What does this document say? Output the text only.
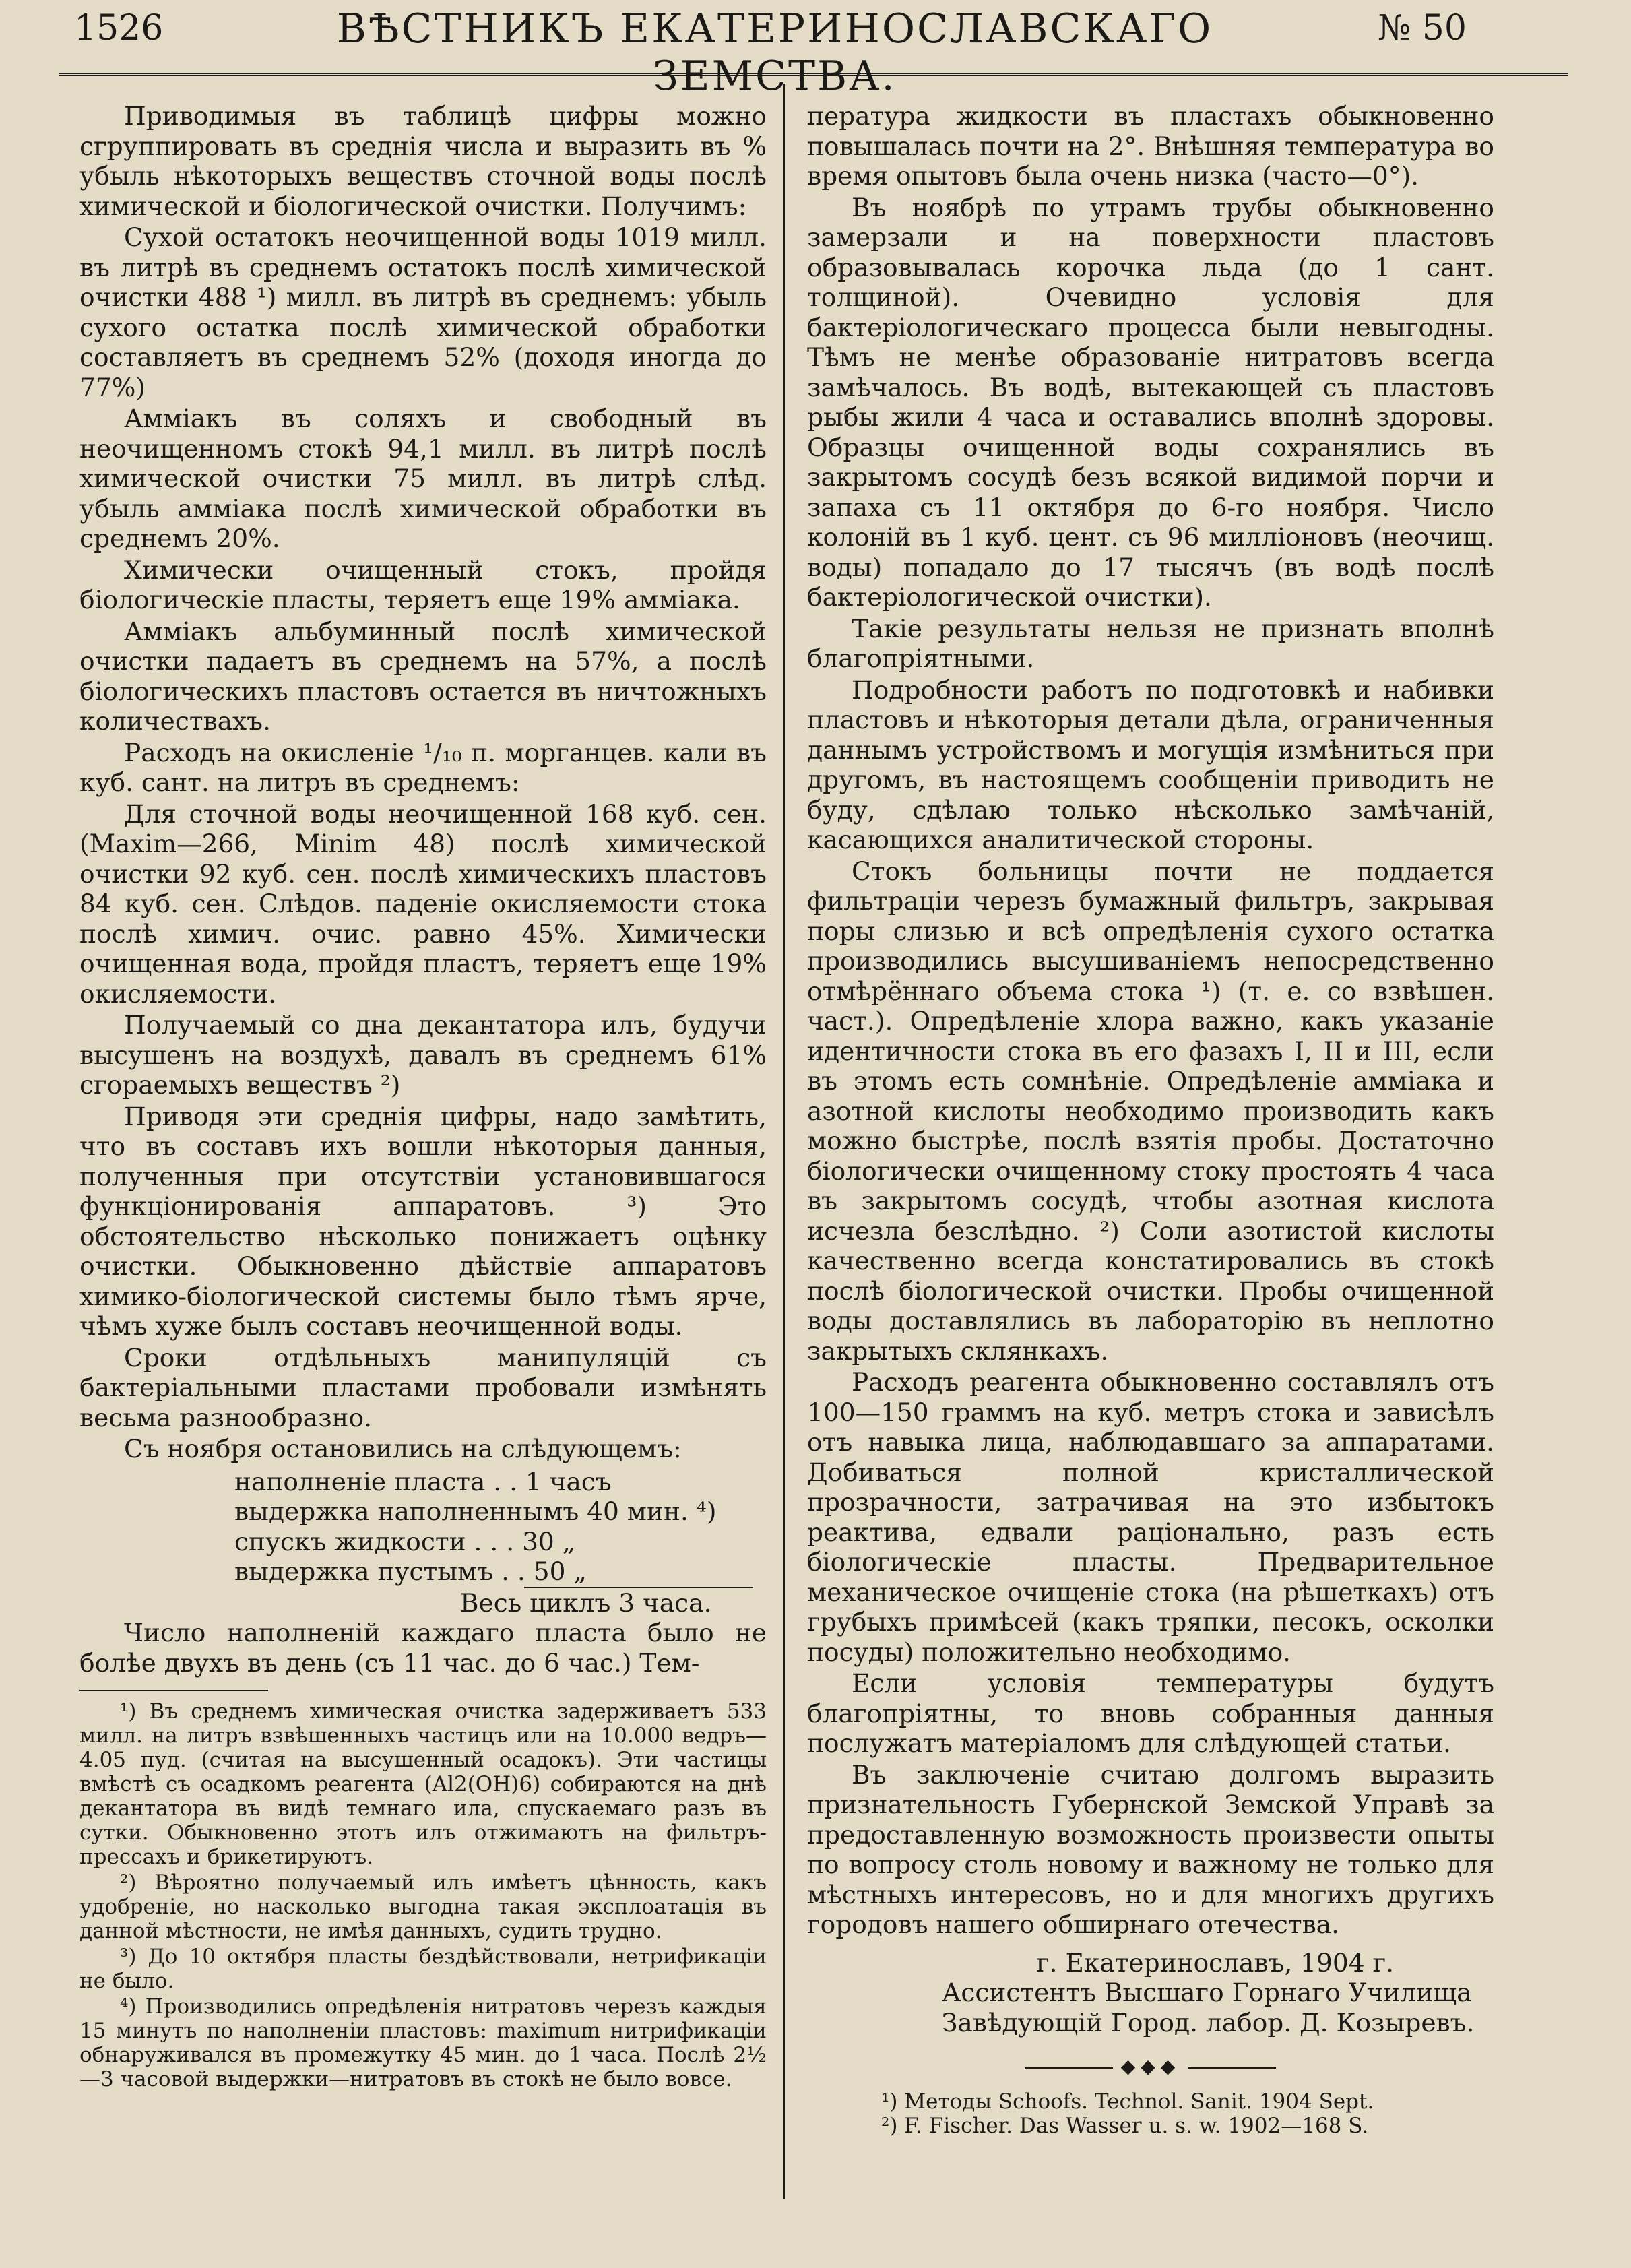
1526	ВѢСТНИКЪ ЕКАТЕРИНОСЛАВСКАГО ЗЕМСТВА.
№ 50

Приводимыя въ таблицѣ цифры можно сгруппировать въ среднія числа и выразить въ % убыль нѣкоторыхъ веществъ сточной воды послѣ химической и біологической очистки. Получимъ:

Сухой остатокъ неочищенной воды 1019 милл. въ литрѣ въ среднемъ остатокъ послѣ химической очистки 488 ¹) милл. въ литрѣ въ среднемъ: убыль сухого остатка послѣ химической обработки составляетъ въ среднемъ 52% (доходя иногда до 77%)

Аммiакъ въ соляхъ и свободный въ неочищенномъ стокѣ 94,1 милл. въ литрѣ послѣ химической очистки 75 милл. въ литрѣ слѣд. убыль аммiака послѣ химической обработки въ среднемъ 20%.

Химически очищенный стокъ, пройдя біологическіе пласты, теряетъ еще 19% аммiака.

Аммiакъ альбуминный послѣ химической очистки падаетъ въ среднемъ на 57%, а послѣ біологическихъ пластовъ остается въ ничтожныхъ количествахъ.

Расходъ на окисленіе ¹/₁₀ п. морганцев. кали въ куб. сант. на литръ въ среднемъ:

Для сточной воды неочищенной 168 куб. сен. (Maxim—266, Minim 48) послѣ химической очистки 92 куб. сен. послѣ химическихъ пластовъ 84 куб. сен. Слѣдов. паденіе окисляемости стока послѣ химич. очис. равно 45%. Химически очищенная вода, пройдя пластъ, теряетъ еще 19% окисляемости.

Получаемый со дна декантатора илъ, будучи высушенъ на воздухѣ, давалъ въ среднемъ 61% сгораемыхъ веществъ ²)

Приводя эти среднія цифры, надо замѣтить, что въ составъ ихъ вошли нѣкоторыя данныя, полученныя при отсутствіи установившагося функціонированія аппаратовъ. ³) Это обстоятельство нѣсколько понижаетъ оцѣнку очистки. Обыкновенно дѣйствіе аппаратовъ химико-біологической системы было тѣмъ ярче, чѣмъ хуже былъ составъ неочищенной воды.

Сроки отдѣльныхъ манипуляцій съ бактеріальными пластами пробовали измѣнять весьма разнообразно.

Съ ноября остановились на слѣдующемъ:

наполненіе пласта . . 1 часъ
выдержка наполненнымъ 40 мин. ⁴)
спускъ жидкости . . . 30 „
выдержка пустымъ . . 50 „
Весь циклъ 3 часа.

Число наполненій каждаго пласта было не болѣе двухъ въ день (съ 11 час. до 6 час.) Тем-

¹) Въ среднемъ химическая очистка задерживаетъ 533 милл. на литръ взвѣшенныхъ частицъ или на 10.000 ведръ—4.05 пуд. (считая на высушенный осадокъ). Эти частицы вмѣстѣ съ осадкомъ реагента (Al2(OH)6) собираются на днѣ декантатора въ видѣ темнаго ила, спускаемаго разъ въ сутки. Обыкновенно этотъ илъ отжимаютъ на фильтръ-прессахъ и брикетируютъ.

²) Вѣроятно получаемый илъ имѣетъ цѣнность, какъ удобреніе, но насколько выгодна такая эксплоатація въ данной мѣстности, не имѣя данныхъ, судить трудно.

³) До 10 октября пласты бездѣйствовали, нетрификаціи не было.

⁴) Производились опредѣленія нитратовъ черезъ каждыя 15 минутъ по наполненіи пластовъ: maximum нитрификаціи обнаруживался въ промежутку 45 мин. до 1 часа. Послѣ 2½—3 часовой выдержки—нитратовъ въ стокѣ не было вовсе.

пература жидкости въ пластахъ обыкновенно повышалась почти на 2°. Внѣшняя температура во время опытовъ была очень низка (часто—0°).

Въ ноябрѣ по утрамъ трубы обыкновенно замерзали и на поверхности пластовъ образовывалась корочка льда (до 1 сант. толщиной). Очевидно условія для бактеріологическаго процесса были невыгодны. Тѣмъ не менѣе образованіе нитратовъ всегда замѣчалось. Въ водѣ, вытекающей съ пластовъ рыбы жили 4 часа и оставались вполнѣ здоровы. Образцы очищенной воды сохранялись въ закрытомъ сосудѣ безъ всякой видимой порчи и запаха съ 11 октября до 6-го ноября. Число колоній въ 1 куб. цент. съ 96 милліоновъ (неочищ. воды) попадало до 17 тысячъ (въ водѣ послѣ бактеріологической очистки).

Такіе результаты нельзя не признать вполнѣ благопріятными.

Подробности работъ по подготовкѣ и набивки пластовъ и нѣкоторыя детали дѣла, ограниченныя даннымъ устройствомъ и могущія измѣниться при другомъ, въ настоящемъ сообщеніи приводить не буду, сдѣлаю только нѣсколько замѣчаній, касающихся аналитической стороны.

Стокъ больницы почти не поддается фильтраціи черезъ бумажный фильтръ, закрывая поры слизью и всѣ опредѣленія сухого остатка производились высушиваніемъ непосредственно отмѣрённаго объема стока ¹) (т. е. со взвѣшен. част.). Опредѣленіе хлора важно, какъ указаніе идентичности стока въ его фазахъ I, II и III, если въ этомъ есть сомнѣніе. Опредѣленіе аммiака и азотной кислоты необходимо производить какъ можно быстрѣе, послѣ взятія пробы. Достаточно біологически очищенному стоку простоять 4 часа въ закрытомъ сосудѣ, чтобы азотная кислота исчезла безслѣдно. ²) Соли азотистой кислоты качественно всегда констатировались въ стокѣ послѣ біологической очистки. Пробы очищенной воды доставлялись въ лабораторію въ неплотно закрытыхъ склянкахъ.

Расходъ реагента обыкновенно составлялъ отъ 100—150 граммъ на куб. метръ стока и зависѣлъ отъ навыка лица, наблюдавшаго за аппаратами. Добиваться полной кристаллической прозрачности, затрачивая на это избытокъ реактива, едвали раціонально, разъ есть біологическіе пласты. Предварительное механическое очищеніе стока (на рѣшеткахъ) отъ грубыхъ примѣсей (какъ тряпки, песокъ, осколки посуды) положительно необходимо.

Если условія температуры будутъ благопріятны, то вновь собранныя данныя послужатъ матеріаломъ для слѣдующей статьи.

Въ заключеніе считаю долгомъ выразить признательность Губернской Земской Управѣ за предоставленную возможность произвести опыты по вопросу столь новому и важному не только для мѣстныхъ интересовъ, но и для многихъ другихъ городовъ нашего обширнаго отечества.

г. Екатеринославъ, 1904 г.
Ассистентъ Высшаго Горнаго Училища
Завѣдующій Город. лабор. Д. Козыревъ.
◆◆◆
¹) Методы Schoofs. Technol. Sanit. 1904 Sept.
²) F. Fischer. Das Wasser u. s. w. 1902—168 S.
